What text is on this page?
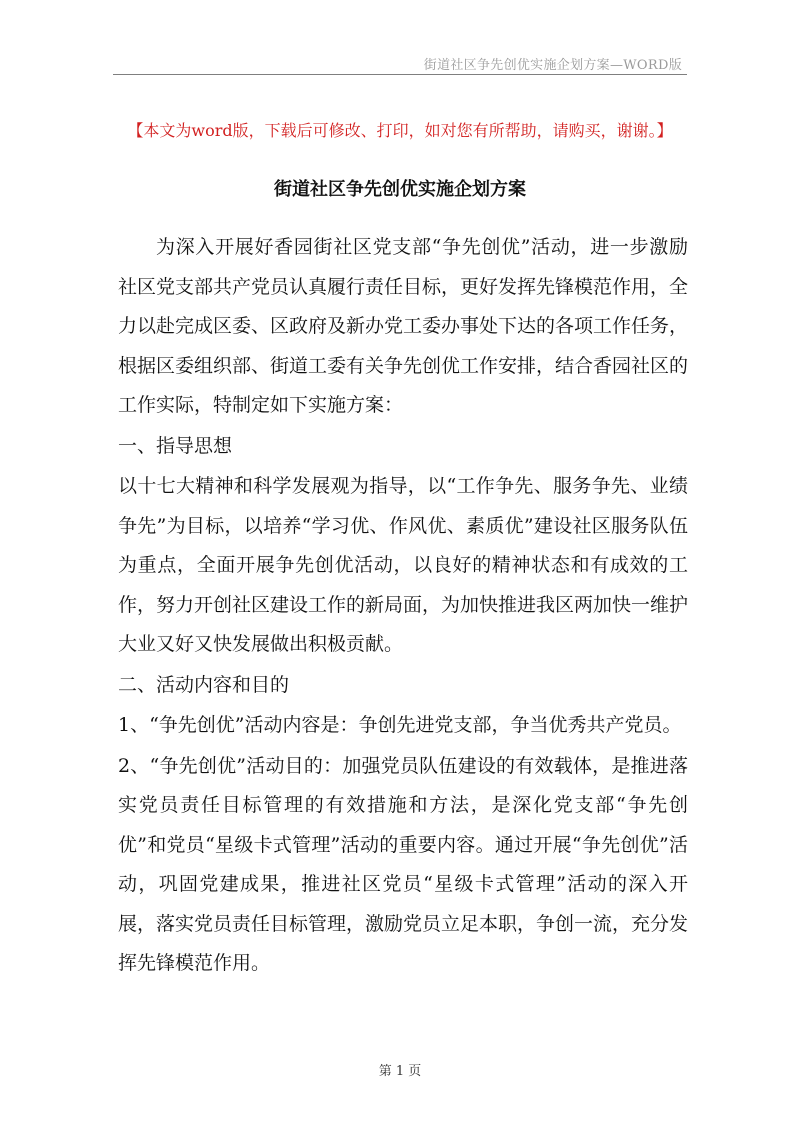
街道社区争先创优实施企划方案—WORD版
【本文为word版，下载后可修改、打印，如对您有所帮助，请购买，谢谢。】
街道社区争先创优实施企划方案

为深入开展好香园街社区党支部“争先创优”活动，进一步激励社区党支部共产党员认真履行责任目标，更好发挥先锋模范作用，全力以赴完成区委、区政府及新办党工委办事处下达的各项工作任务，根据区委组织部、街道工委有关争先创优工作安排，结合香园社区的工作实际，特制定如下实施方案：

一、指导思想

以十七大精神和科学发展观为指导，以“工作争先、服务争先、业绩争先”为目标，以培养“学习优、作风优、素质优”建设社区服务队伍为重点，全面开展争先创优活动，以良好的精神状态和有成效的工作，努力开创社区建设工作的新局面，为加快推进我区两加快一维护大业又好又快发展做出积极贡献。

二、活动内容和目的

1、“争先创优”活动内容是：争创先进党支部，争当优秀共产党员。

2、“争先创优”活动目的：加强党员队伍建设的有效载体，是推进落实党员责任目标管理的有效措施和方法，是深化党支部“争先创优”和党员“星级卡式管理”活动的重要内容。通过开展“争先创优”活动，巩固党建成果，推进社区党员“星级卡式管理”活动的深入开展，落实党员责任目标管理，激励党员立足本职，争创一流，充分发挥先锋模范作用。

第 1 页
